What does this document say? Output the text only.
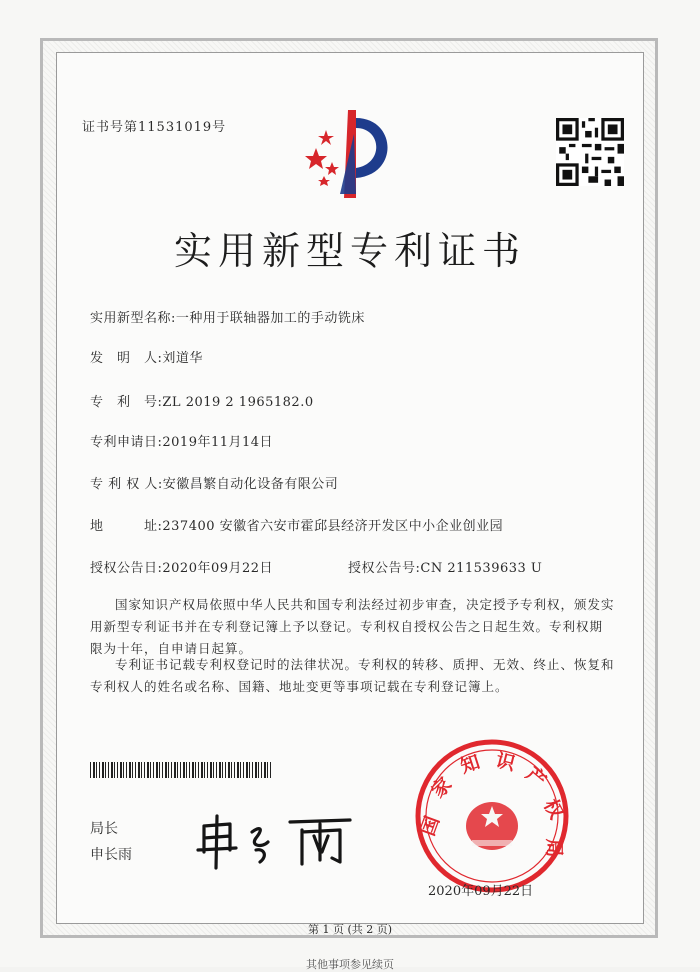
证书号第11531019号
实用新型专利证书
实用新型名称:一种用于联轴器加工的手动铣床
发　明　人:刘道华
专　利　号:ZL 2019 2 1965182.0
专利申请日:2019年11月14日
专 利 权 人:安徽昌繁自动化设备有限公司
地　　　址:237400 安徽省六安市霍邱县经济开发区中小企业创业园
授权公告日:2020年09月22日	授权公告号:CN 211539633 U
国家知识产权局依照中华人民共和国专利法经过初步审查，决定授予专利权，颁发实用新型专利证书并在专利登记簿上予以登记。专利权自授权公告之日起生效。专利权期限为十年，自申请日起算。
专利证书记载专利权登记时的法律状况。专利权的转移、质押、无效、终止、恢复和专利权人的姓名或名称、国籍、地址变更等事项记载在专利登记簿上。
局长
申长雨
国
家
知 识
产
权
局
2020年09月22日
第 1 页 (共 2 页)
其他事项参见续页
